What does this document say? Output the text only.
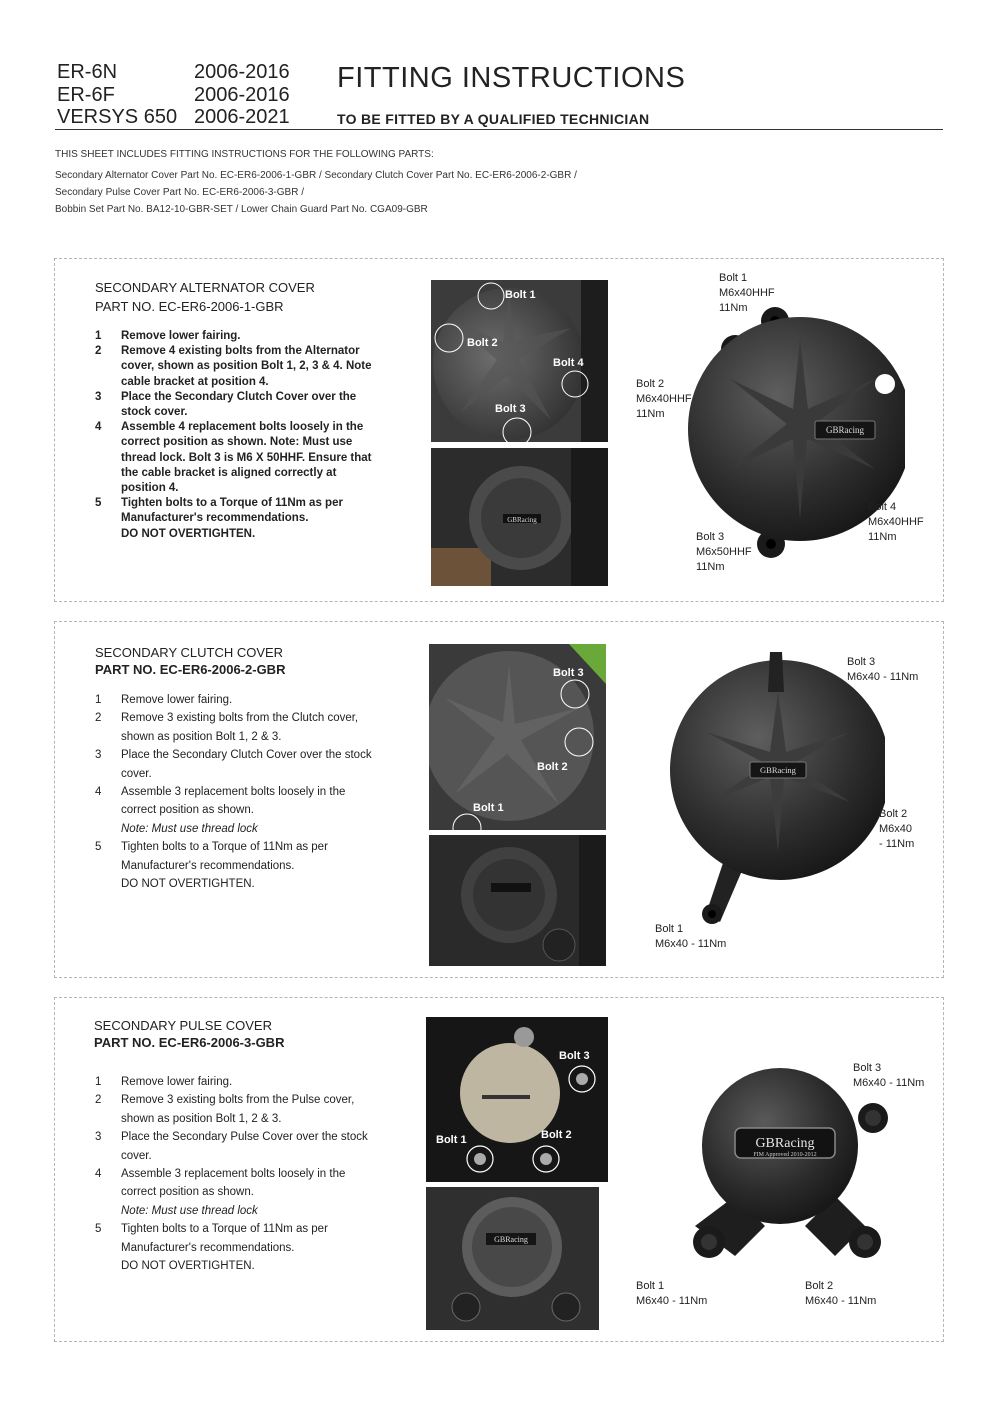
ER-6N	2006-2016
ER-6F	2006-2016
VERSYS 650 2006-2021
FITTING INSTRUCTIONS
TO BE FITTED BY A QUALIFIED TECHNICIAN
THIS SHEET INCLUDES FITTING INSTRUCTIONS FOR THE FOLLOWING PARTS:
Secondary Alternator Cover Part No. EC-ER6-2006-1-GBR / Secondary Clutch Cover Part No. EC-ER6-2006-2-GBR /
Secondary Pulse Cover Part No. EC-ER6-2006-3-GBR /
Bobbin Set Part No. BA12-10-GBR-SET / Lower Chain Guard Part No. CGA09-GBR
SECONDARY ALTERNATOR COVER
PART NO. EC-ER6-2006-1-GBR
1	Remove lower fairing.
2	Remove 4 existing bolts from the Alternator cover, shown as position Bolt 1, 2, 3 & 4. Note cable bracket at position 4.
3	Place the Secondary Clutch Cover over the stock cover.
4	Assemble 4 replacement bolts loosely in the correct position as shown. Note: Must use thread lock. Bolt 3 is M6 X 50HHF. Ensure that the cable bracket is aligned correctly at position 4.
5	Tighten bolts to a Torque of 11Nm as per Manufacturer's recommendations.
DO NOT OVERTIGHTEN.
Bolt 1
Bolt 2
Bolt 4
Bolt 3
GBRacing
GBRacing
Bolt 1
M6x40HHF
11Nm
Bolt 2
M6x40HHF
11Nm
Bolt 3
M6x50HHF
11Nm
Bolt 4
M6x40HHF
11Nm
SECONDARY CLUTCH COVER
PART NO. EC-ER6-2006-2-GBR
1	Remove lower fairing.
2	Remove 3 existing bolts from the Clutch cover, shown as position Bolt 1, 2 & 3.
3	Place the Secondary Clutch Cover over the stock cover.
4	Assemble 3 replacement bolts loosely in the correct position as shown.
Note: Must use thread lock
5	Tighten bolts to a Torque of 11Nm as per Manufacturer's recommendations.
DO NOT OVERTIGHTEN.
Bolt 3
Bolt 2
Bolt 1
GBRacing
Bolt 3
M6x40 - 11Nm
Bolt 2
M6x40
- 11Nm
Bolt 1
M6x40 - 11Nm
SECONDARY PULSE COVER
PART NO. EC-ER6-2006-3-GBR
1	Remove lower fairing.
2	Remove 3 existing bolts from the Pulse cover, shown as position Bolt 1, 2 & 3.
3	Place the Secondary Pulse Cover over the stock cover.
4	Assemble 3 replacement bolts loosely in the correct position as shown.
Note: Must use thread lock
5	Tighten bolts to a Torque of 11Nm as per Manufacturer's recommendations.
DO NOT OVERTIGHTEN.
Bolt 3
Bolt 1	Bolt 2
GBRacing
GBRacing
FIM Approved 2010-2012
Bolt 3
M6x40 - 11Nm
Bolt 1
M6x40 - 11Nm
Bolt 2
M6x40 - 11Nm
